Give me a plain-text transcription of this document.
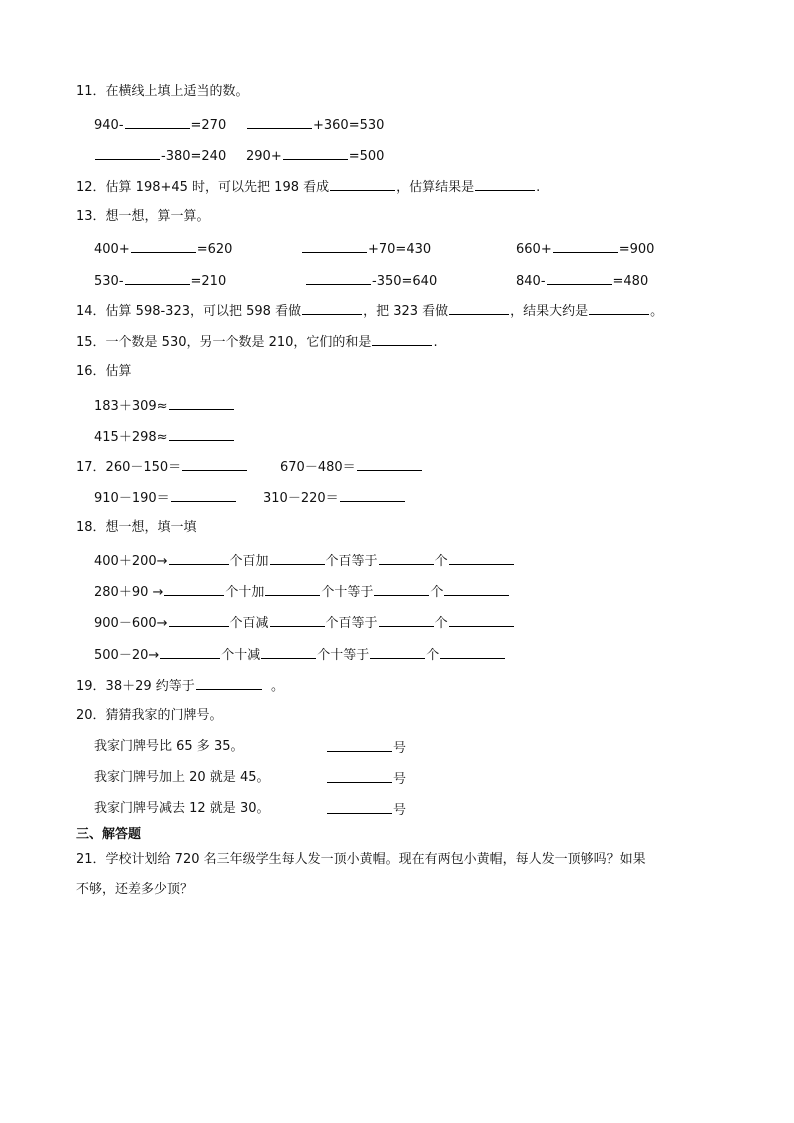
11．在横线上填上适当的数。
940-	=270	+360=530
-380=240 290+	=500
12．估算 198+45 时，可以先把 198 看成	，估算结果是	.
13．想一想，算一算。
400+	=620	+70=430	660+	=900
530-	=210	-350=640	840-	=480
14．估算 598-323，可以把 598 看做	，把 323 看做	，结果大约是	。
15．一个数是 530，另一个数是 210，它们的和是	.
16．估算
183＋309≈
415＋298≈
17．260－150＝	670－480＝
910－190＝	310－220＝
18．想一想，填一填
400＋200→	个百加	个百等于	个
280＋90 →	个十加	个十等于	个
900－600→	个百减	个百等于	个
500－20→	个十减	个十等于	个
19．38＋29 约等于	。
20．猜猜我家的门牌号。
我家门牌号比 65 多 35。	号
我家门牌号加上 20 就是 45。	号
我家门牌号减去 12 就是 30。	号
三、解答题
21．学校计划给 720 名三年级学生每人发一顶小黄帽。现在有两包小黄帽，每人发一顶够吗？如果
不够，还差多少顶？
